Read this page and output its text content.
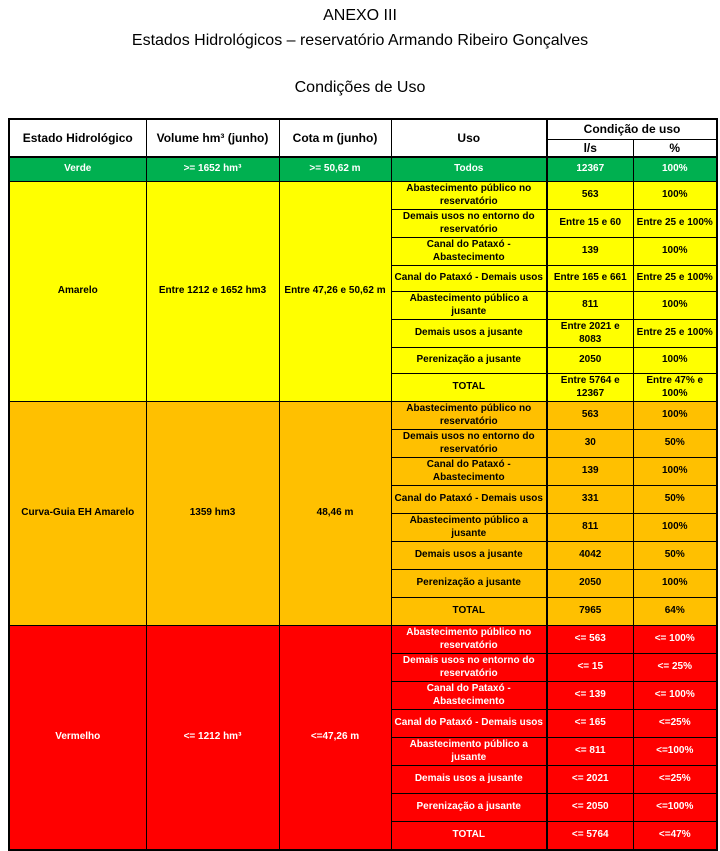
ANEXO III
Estados Hidrológicos – reservatório Armando Ribeiro Gonçalves
Condições de Uso
Estado Hidrológico	Volume hm³ (junho)	Cota m (junho)	Uso	Condição de uso	
				l/s	%
Verde	>= 1652 hm³	>= 50,62 m	Todos	12367	100%
Amarelo	Entre 1212 e 1652 hm3	Entre 47,26 e 50,62 m	Abastecimento público no reservatório	563	100%
			Demais usos no entorno do reservatório	Entre 15 e 60	Entre 25 e 100%
			Canal do Pataxó - Abastecimento	139	100%
			Canal do Pataxó - Demais usos	Entre 165 e 661	Entre 25 e 100%
			Abastecimento público a jusante	811	100%
			Demais usos a jusante	Entre 2021 e 8083	Entre 25 e 100%
			Perenização a jusante	2050	100%
			TOTAL	Entre 5764 e 12367	Entre 47% e 100%
Curva-Guia EH Amarelo	1359 hm3	48,46 m	Abastecimento público no reservatório	563	100%
			Demais usos no entorno do reservatório	30	50%
			Canal do Pataxó - Abastecimento	139	100%
			Canal do Pataxó - Demais usos	331	50%
			Abastecimento público a jusante	811	100%
			Demais usos a jusante	4042	50%
			Perenização a jusante	2050	100%
			TOTAL	7965	64%
Vermelho	<= 1212 hm³	<=47,26 m	Abastecimento público no reservatório	<= 563	<= 100%
			Demais usos no entorno do reservatório	<= 15	<= 25%
			Canal do Pataxó - Abastecimento	<= 139	<= 100%
			Canal do Pataxó - Demais usos	<= 165	<=25%
			Abastecimento público a jusante	<= 811	<=100%
			Demais usos a jusante	<= 2021	<=25%
			Perenização a jusante	<= 2050	<=100%
			TOTAL	<= 5764	<=47%
